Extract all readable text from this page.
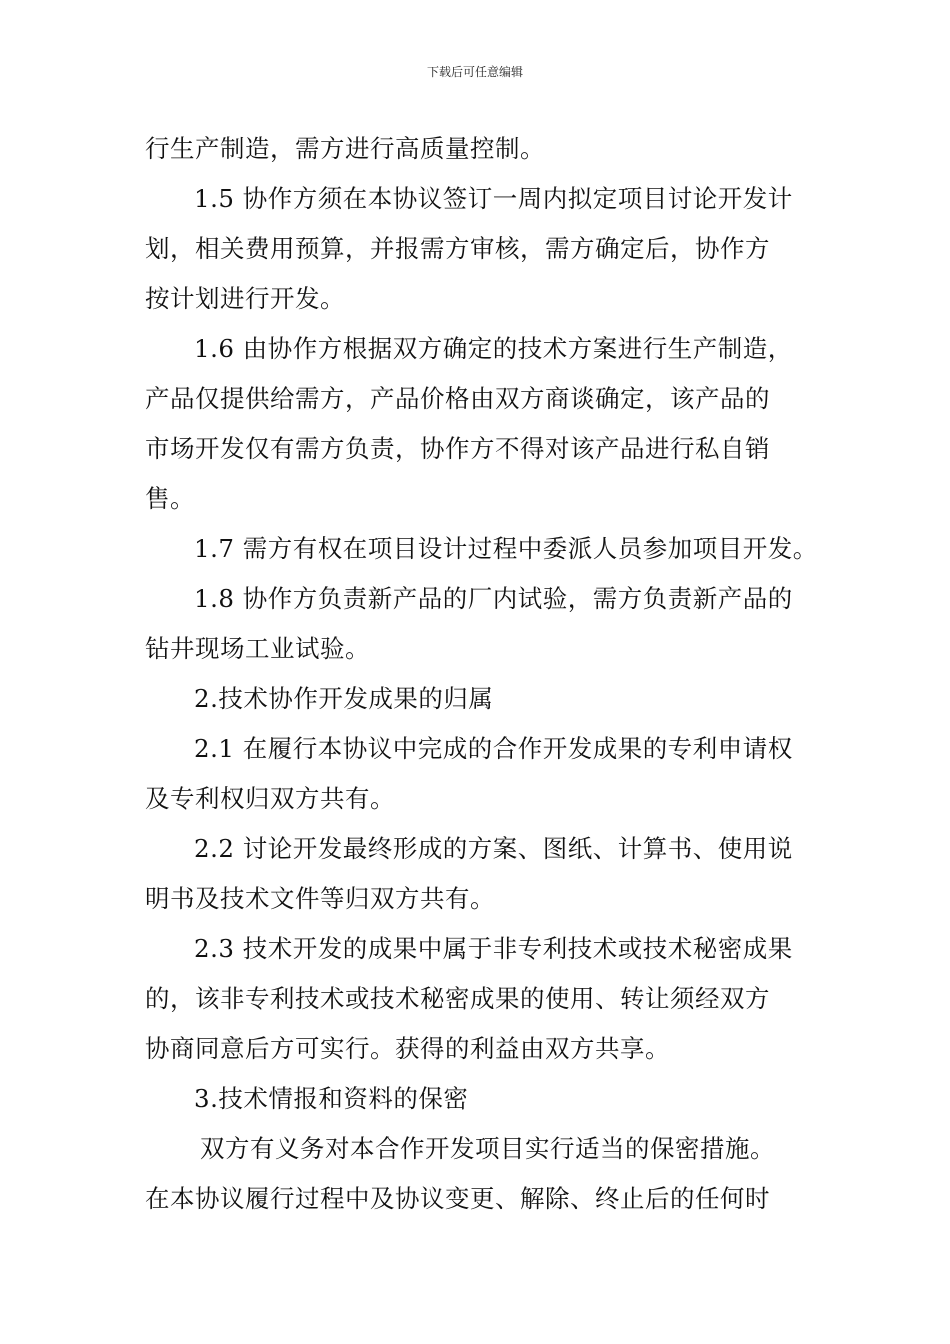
下载后可任意编辑
行生产制造，需方进行高质量控制。
1.5 协作方须在本协议签订一周内拟定项目讨论开发计
划，相关费用预算，并报需方审核，需方确定后，协作方
按计划进行开发。
1.6 由协作方根据双方确定的技术方案进行生产制造，
产品仅提供给需方，产品价格由双方商谈确定，该产品的
市场开发仅有需方负责，协作方不得对该产品进行私自销
售。
1.7 需方有权在项目设计过程中委派人员参加项目开发。
1.8 协作方负责新产品的厂内试验，需方负责新产品的
钻井现场工业试验。
2.技术协作开发成果的归属
2.1 在履行本协议中完成的合作开发成果的专利申请权
及专利权归双方共有。
2.2 讨论开发最终形成的方案、图纸、计算书、使用说
明书及技术文件等归双方共有。
2.3 技术开发的成果中属于非专利技术或技术秘密成果
的，该非专利技术或技术秘密成果的使用、转让须经双方
协商同意后方可实行。获得的利益由双方共享。
3.技术情报和资料的保密
双方有义务对本合作开发项目实行适当的保密措施。
在本协议履行过程中及协议变更、解除、终止后的任何时
